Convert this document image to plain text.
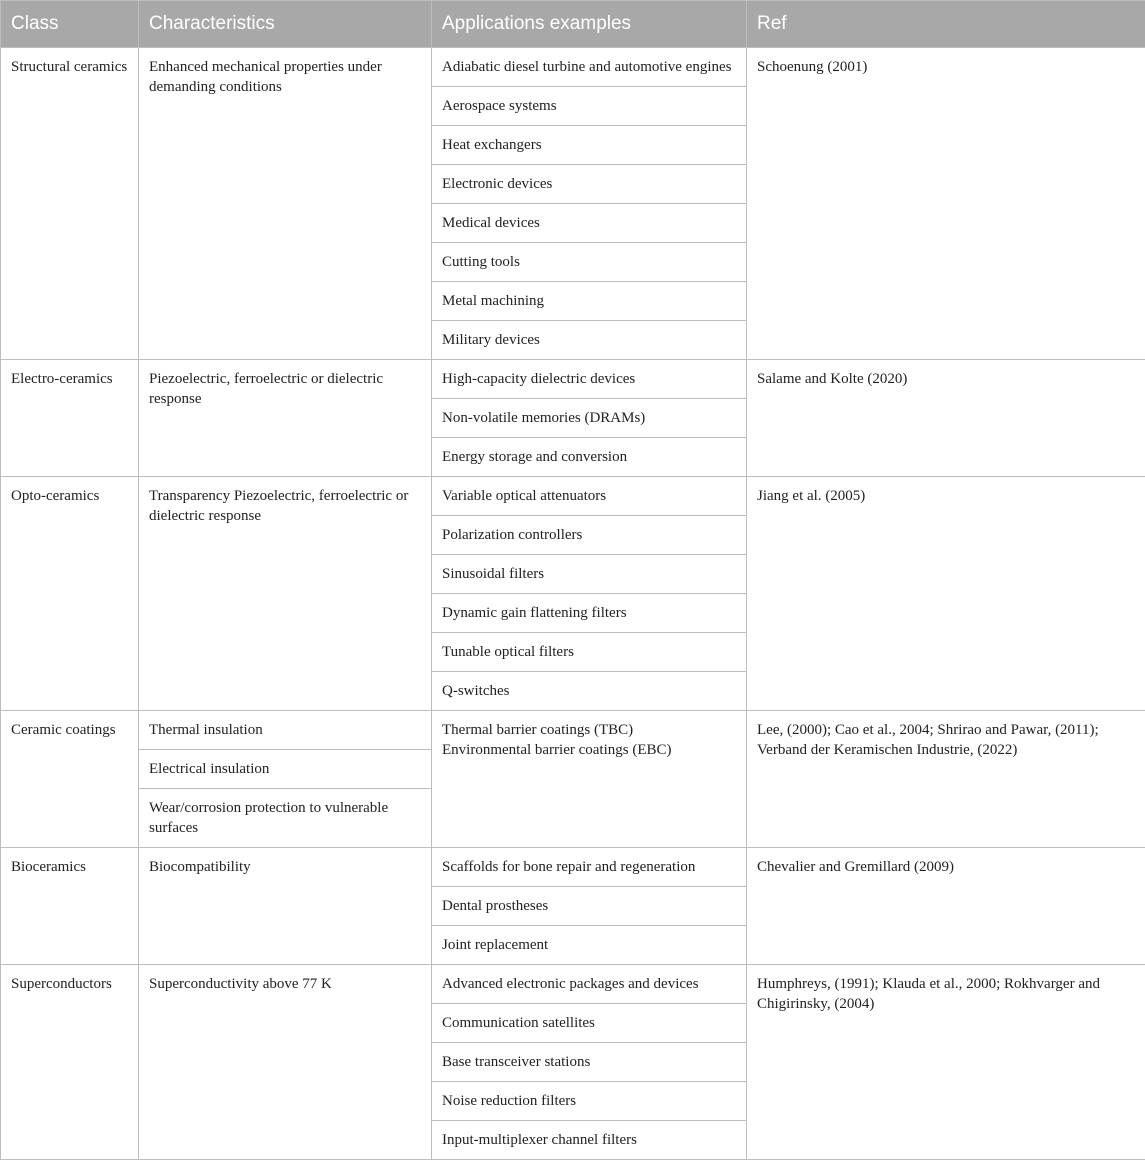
Class	Characteristics	Applications examples	Ref
Structural ceramics	Enhanced mechanical properties under demanding conditions	Adiabatic diesel turbine and automotive engines	Schoenung (2001)
		Aerospace systems	
		Heat exchangers	
		Electronic devices	
		Medical devices	
		Cutting tools	
		Metal machining	
		Military devices	
Electro-ceramics	Piezoelectric, ferroelectric or dielectric response	High-capacity dielectric devices	Salame and Kolte (2020)
		Non-volatile memories (DRAMs)	
		Energy storage and conversion	
Opto-ceramics	Transparency Piezoelectric, ferroelectric or dielectric response	Variable optical attenuators	Jiang et al. (2005)
		Polarization controllers	
		Sinusoidal filters	
		Dynamic gain flattening filters	
		Tunable optical filters	
		Q-switches	
Ceramic coatings	Thermal insulation	Thermal barrier coatings (TBC) Environmental barrier coatings (EBC)	Lee, (2000); Cao et al., 2004; Shrirao and Pawar, (2011); Verband der Keramischen Industrie, (2022)
	Electrical insulation		
	Wear/corrosion protection to vulnerable surfaces		
Bioceramics	Biocompatibility	Scaffolds for bone repair and regeneration	Chevalier and Gremillard (2009)
		Dental prostheses	
		Joint replacement	
Superconductors	Superconductivity above 77 K	Advanced electronic packages and devices	Humphreys, (1991); Klauda et al., 2000; Rokhvarger and Chigirinsky, (2004)
		Communication satellites	
		Base transceiver stations	
		Noise reduction filters	
		Input-multiplexer channel filters	
